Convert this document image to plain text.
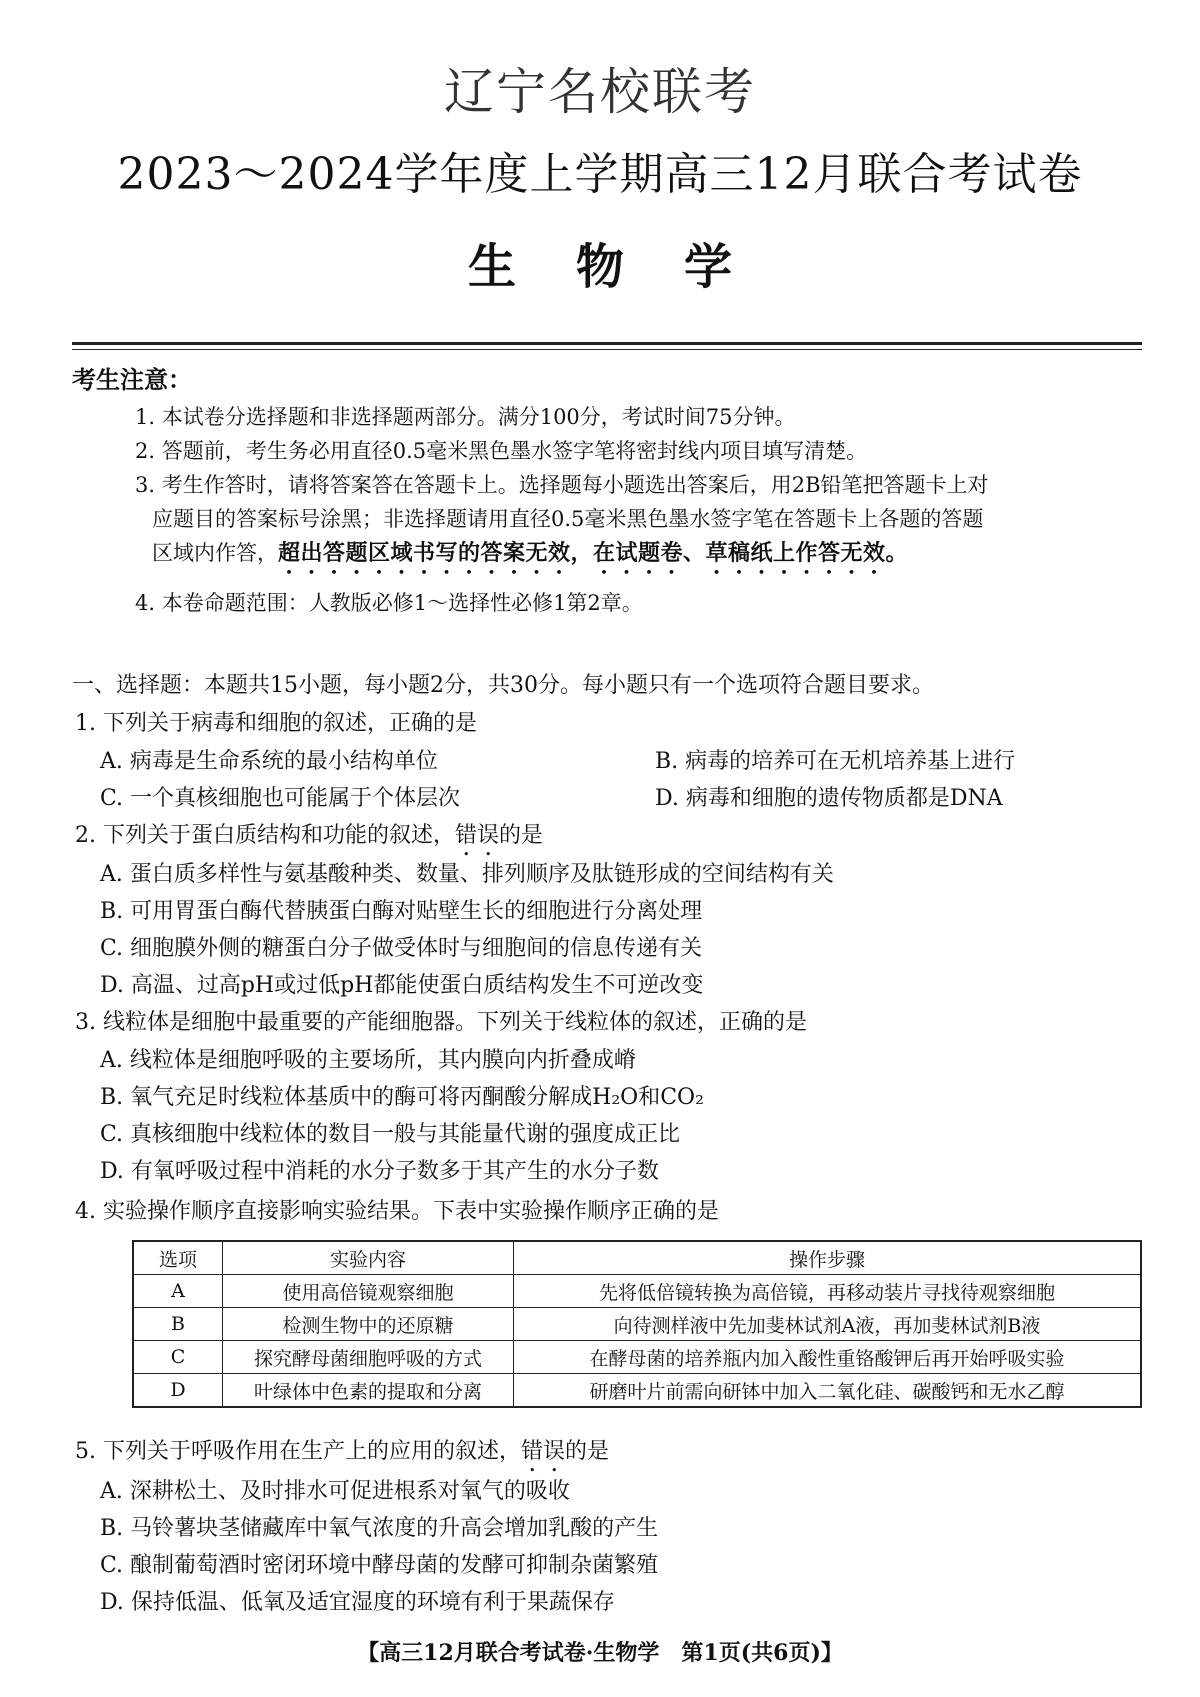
辽宁名校联考
2023～2024学年度上学期高三12月联合考试卷
生物学
考生注意：
1. 本试卷分选择题和非选择题两部分。满分100分，考试时间75分钟。
2. 答题前，考生务必用直径0.5毫米黑色墨水签字笔将密封线内项目填写清楚。
3. 考生作答时，请将答案答在答题卡上。选择题每小题选出答案后，用2B铅笔把答题卡上对
应题目的答案标号涂黑；非选择题请用直径0.5毫米黑色墨水签字笔在答题卡上各题的答题
区域内作答，超出答题区域书写的答案无效，在试题卷、草稿纸上作答无效。
4. 本卷命题范围：人教版必修1～选择性必修1第2章。
一、选择题：本题共15小题，每小题2分，共30分。每小题只有一个选项符合题目要求。
1. 下列关于病毒和细胞的叙述，正确的是
A. 病毒是生命系统的最小结构单位	B. 病毒的培养可在无机培养基上进行
C. 一个真核细胞也可能属于个体层次	D. 病毒和细胞的遗传物质都是DNA
2. 下列关于蛋白质结构和功能的叙述，错误的是
A. 蛋白质多样性与氨基酸种类、数量、排列顺序及肽链形成的空间结构有关
B. 可用胃蛋白酶代替胰蛋白酶对贴壁生长的细胞进行分离处理
C. 细胞膜外侧的糖蛋白分子做受体时与细胞间的信息传递有关
D. 高温、过高pH或过低pH都能使蛋白质结构发生不可逆改变
3. 线粒体是细胞中最重要的产能细胞器。下列关于线粒体的叙述，正确的是
A. 线粒体是细胞呼吸的主要场所，其内膜向内折叠成嵴
B. 氧气充足时线粒体基质中的酶可将丙酮酸分解成H₂O和CO₂
C. 真核细胞中线粒体的数目一般与其能量代谢的强度成正比
D. 有氧呼吸过程中消耗的水分子数多于其产生的水分子数
4. 实验操作顺序直接影响实验结果。下表中实验操作顺序正确的是
选项	实验内容	操作步骤
A	使用高倍镜观察细胞	先将低倍镜转换为高倍镜，再移动装片寻找待观察细胞
B	检测生物中的还原糖	向待测样液中先加斐林试剂A液，再加斐林试剂B液
C	探究酵母菌细胞呼吸的方式	在酵母菌的培养瓶内加入酸性重铬酸钾后再开始呼吸实验
D	叶绿体中色素的提取和分离	研磨叶片前需向研钵中加入二氧化硅、碳酸钙和无水乙醇
5. 下列关于呼吸作用在生产上的应用的叙述，错误的是
A. 深耕松土、及时排水可促进根系对氧气的吸收
B. 马铃薯块茎储藏库中氧气浓度的升高会增加乳酸的产生
C. 酿制葡萄酒时密闭环境中酵母菌的发酵可抑制杂菌繁殖
D. 保持低温、低氧及适宜湿度的环境有利于果蔬保存
【高三12月联合考试卷·生物学　第1页(共6页)】
